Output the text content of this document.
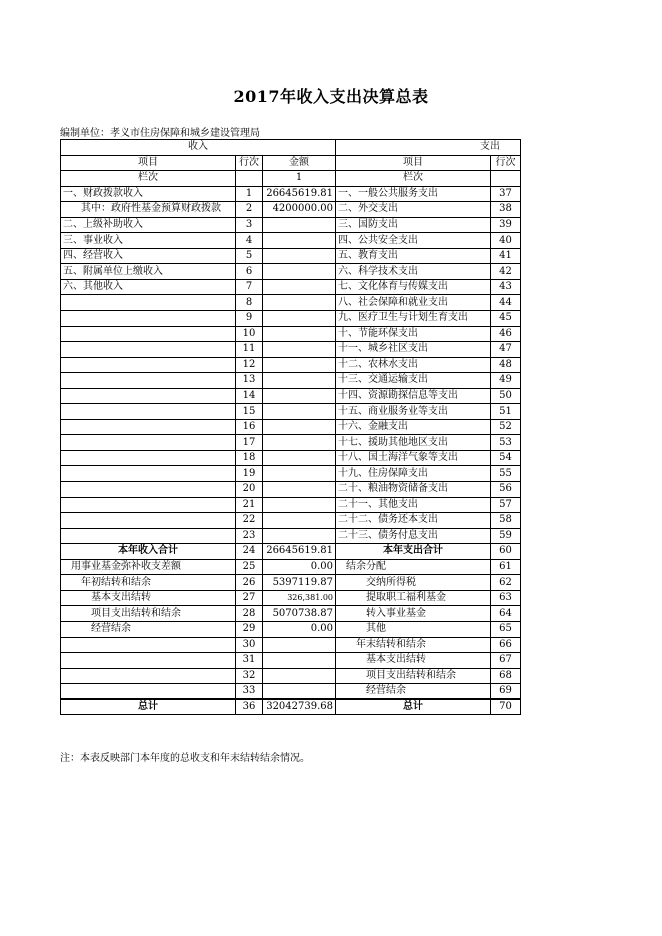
2017年收入支出决算总表
编制单位：孝义市住房保障和城乡建设管理局
收入			支出	
项目	行次	金额	项目	行次
栏次		1	栏次	
一、财政拨款收入	1	26645619.81	一、一般公共服务支出	37
其中：政府性基金预算财政拨款	2	4200000.00	二、外交支出	38
二、上级补助收入	3		三、国防支出	39
三、事业收入	4		四、公共安全支出	40
四、经营收入	5		五、教育支出	41
五、附属单位上缴收入	6		六、科学技术支出	42
六、其他收入	7		七、文化体育与传媒支出	43
	8		八、社会保障和就业支出	44
	9		九、医疗卫生与计划生育支出	45
	10		十、节能环保支出	46
	11		十一、城乡社区支出	47
	12		十二、农林水支出	48
	13		十三、交通运输支出	49
	14		十四、资源勘探信息等支出	50
	15		十五、商业服务业等支出	51
	16		十六、金融支出	52
	17		十七、援助其他地区支出	53
	18		十八、国土海洋气象等支出	54
	19		十九、住房保障支出	55
	20		二十、粮油物资储备支出	56
	21		二十一、其他支出	57
	22		二十二、债务还本支出	58
	23		二十三、债务付息支出	59
本年收入合计	24	26645619.81	本年支出合计	60
用事业基金弥补收支差额	25	0.00	结余分配	61
年初结转和结余	26	5397119.87	交纳所得税	62
基本支出结转	27	326,381.00	提取职工福利基金	63
项目支出结转和结余	28	5070738.87	转入事业基金	64
经营结余	29	0.00	其他	65
	30		年末结转和结余	66
	31		基本支出结转	67
	32		项目支出结转和结余	68
	33		经营结余	69
总计	36	32042739.68	总计	70
注：本表反映部门本年度的总收支和年末结转结余情况。
